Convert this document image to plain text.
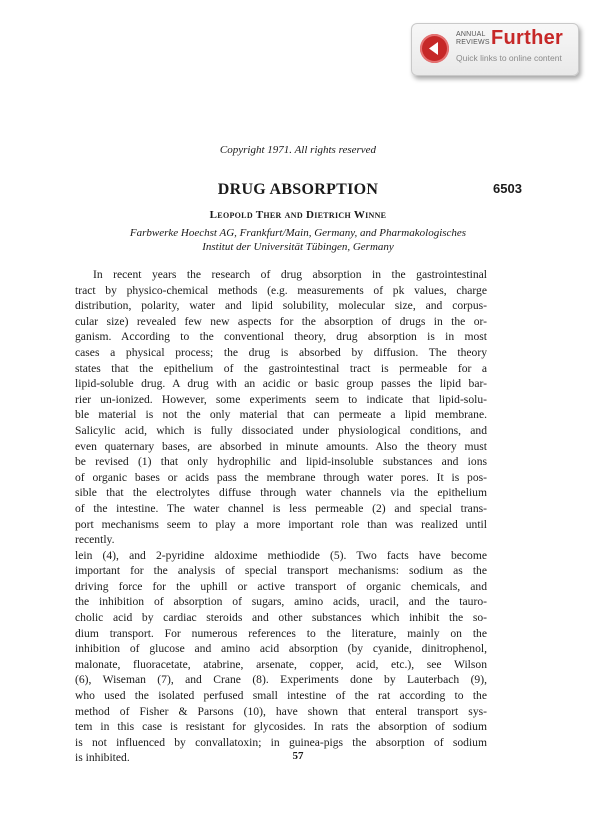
ANNUAL
REVIEWS Further
Quick links to online content
Copyright 1971. All rights reserved
DRUG ABSORPTION	6503
Leopold Ther and Dietrich Winne
Farbwerke Hoechst AG, Frankfurt/Main, Germany, and Pharmakologisches
Institut der Universität Tübingen, Germany
In recent years the research of drug absorption in the gastrointestinal
tract by physico-chemical methods (e.g. measurements of pk values, charge
distribution, polarity, water and lipid solubility, molecular size, and corpus-
cular size) revealed few new aspects for the absorption of drugs in the or-
ganism. According to the conventional theory, drug absorption is in most
cases a physical process; the drug is absorbed by diffusion. The theory
states that the epithelium of the gastrointestinal tract is permeable for a
lipid-soluble drug. A drug with an acidic or basic group passes the lipid bar-
rier un-ionized. However, some experiments seem to indicate that lipid-solu-
ble material is not the only material that can permeate a lipid membrane.
Salicylic acid, which is fully dissociated under physiological conditions, and
even quaternary bases, are absorbed in minute amounts. Also the theory must
be revised (1) that only hydrophilic and lipid-insoluble substances and ions
of organic bases or acids pass the membrane through water pores. It is pos-
sible that the electrolytes diffuse through water channels via the epithelium
of the intestine. The water channel is less permeable (2) and special trans-
port mechanisms seem to play a more important role than was realized until
recently.
lein (4), and 2-pyridine aldoxime methiodide (5). Two facts have become
important for the analysis of special transport mechanisms: sodium as the
driving force for the uphill or active transport of organic chemicals, and
the inhibition of absorption of sugars, amino acids, uracil, and the tauro-
cholic acid by cardiac steroids and other substances which inhibit the so-
dium transport. For numerous references to the literature, mainly on the
inhibition of glucose and amino acid absorption (by cyanide, dinitrophenol,
malonate, fluoracetate, atabrine, arsenate, copper, acid, etc.), see Wilson
(6), Wiseman (7), and Crane (8). Experiments done by Lauterbach (9),
who used the isolated perfused small intestine of the rat according to the
method of Fisher & Parsons (10), have shown that enteral transport sys-
tem in this case is resistant for glycosides. In rats the absorption of sodium
is not influenced by convallatoxin; in guinea-pigs the absorption of sodium
is inhibited.	57
